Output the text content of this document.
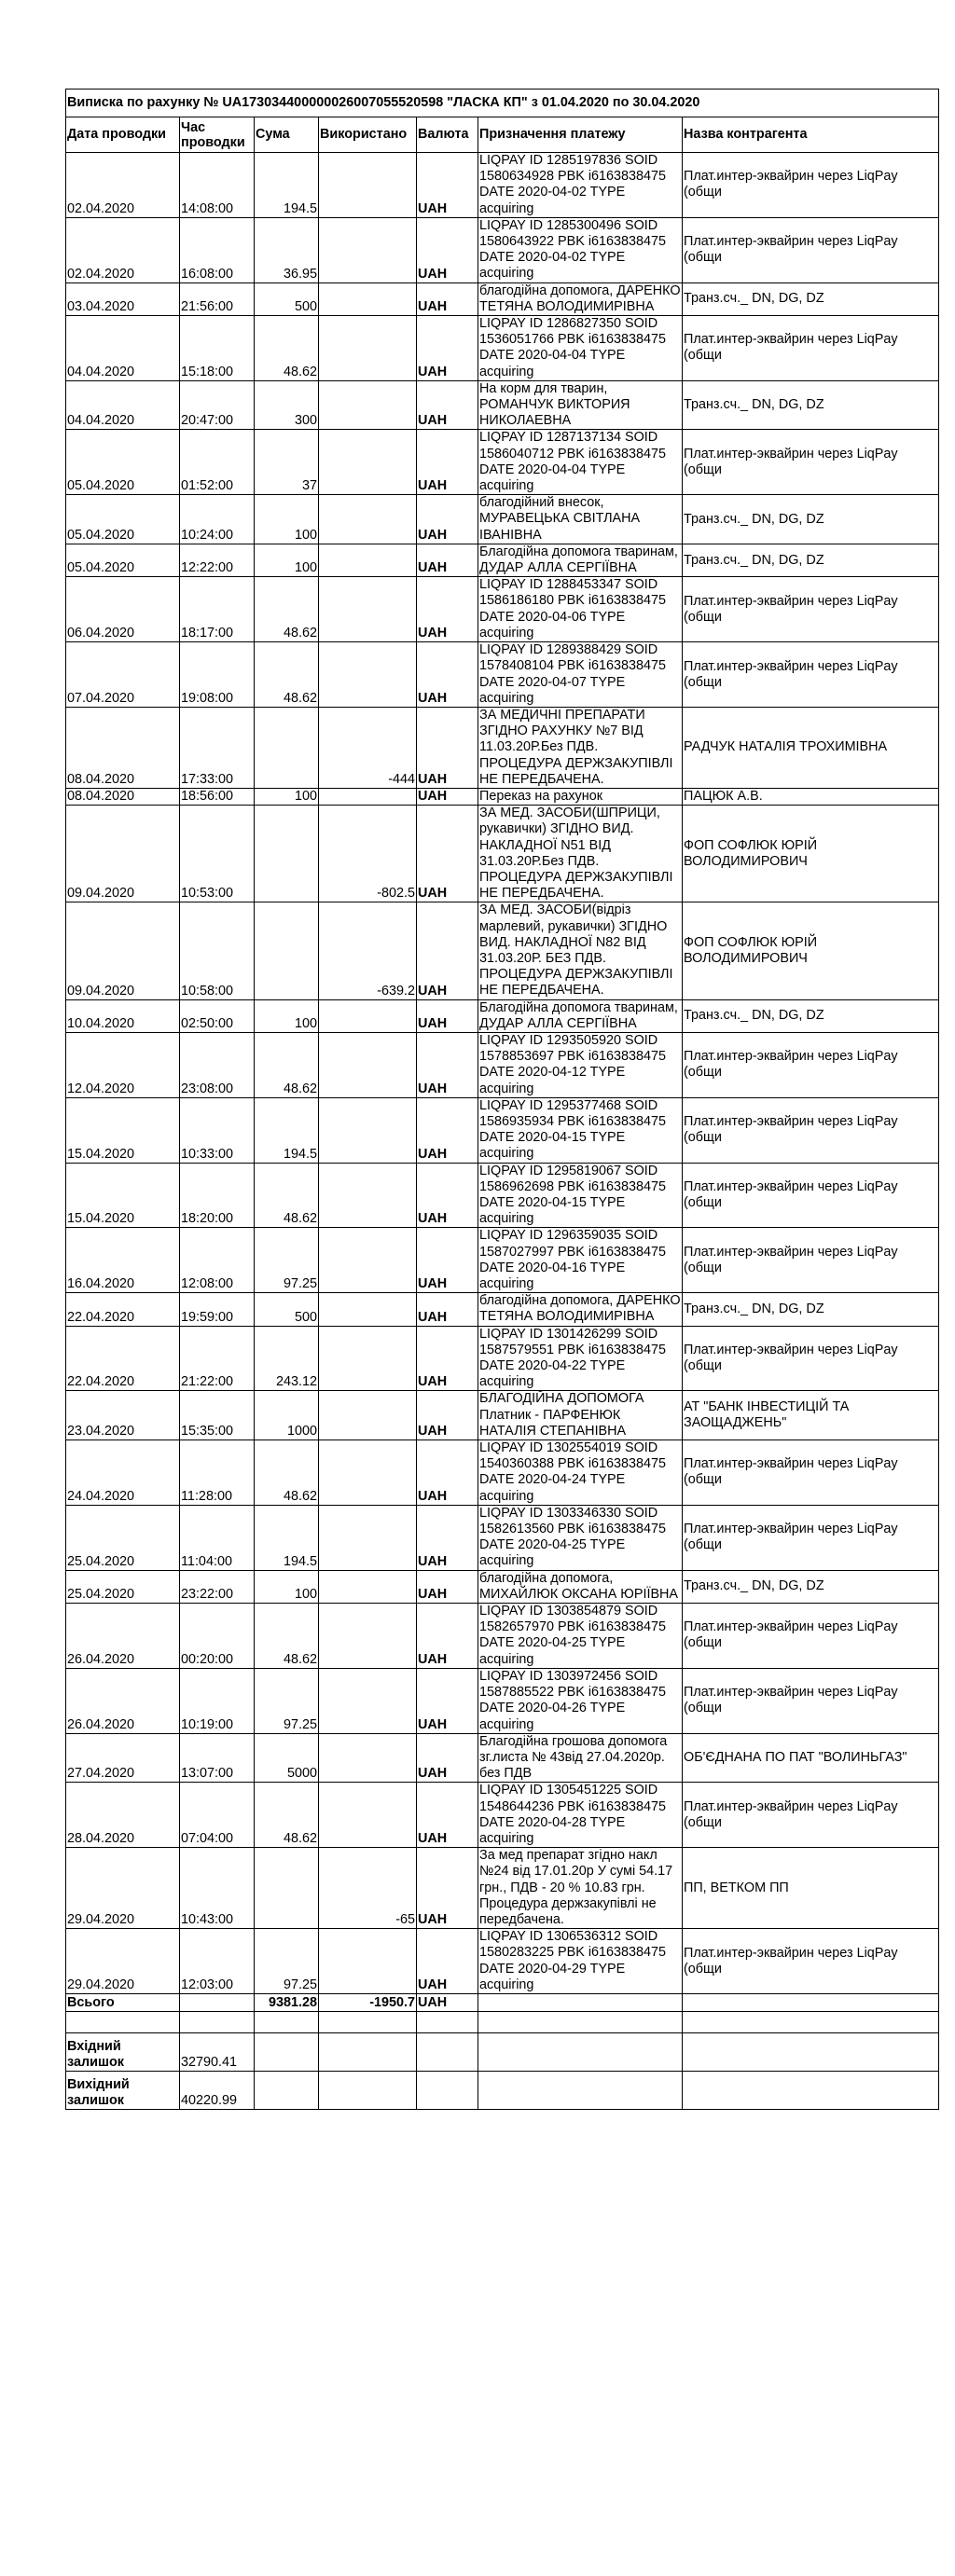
Виписка по рахунку № UA173034400000026007055520598 "ЛАСКА КП" з 01.04.2020 по 30.04.2020						
Дата проводки	Час проводки	Сума	Використано	Валюта	Призначення платежу	Назва контрагента
02.04.2020	14:08:00	194.5		UAH	LIQPAY ID 1285197836 SOID 1580634928 PBK i6163838475 DATE 2020-04-02 TYPE acquiring	Плат.интер-эквайрин через LiqPay (общи
02.04.2020	16:08:00	36.95		UAH	LIQPAY ID 1285300496 SOID 1580643922 PBK i6163838475 DATE 2020-04-02 TYPE acquiring	Плат.интер-эквайрин через LiqPay (общи
03.04.2020	21:56:00	500		UAH	благодійна допомога, ДАРЕНКО ТЕТЯНА ВОЛОДИМИРІВНА	Транз.сч._ DN, DG, DZ
04.04.2020	15:18:00	48.62		UAH	LIQPAY ID 1286827350 SOID 1536051766 PBK i6163838475 DATE 2020-04-04 TYPE acquiring	Плат.интер-эквайрин через LiqPay (общи
04.04.2020	20:47:00	300		UAH	На корм для тварин, РОМАНЧУК ВИКТОРИЯ НИКОЛАЕВНА	Транз.сч._ DN, DG, DZ
05.04.2020	01:52:00	37		UAH	LIQPAY ID 1287137134 SOID 1586040712 PBK i6163838475 DATE 2020-04-04 TYPE acquiring	Плат.интер-эквайрин через LiqPay (общи
05.04.2020	10:24:00	100		UAH	благодійний внесок, МУРАВЕЦЬКА СВІТЛАНА ІВАНІВНА	Транз.сч._ DN, DG, DZ
05.04.2020	12:22:00	100		UAH	Благодійна допомога тваринам, ДУДАР АЛЛА СЕРГІЇВНА	Транз.сч._ DN, DG, DZ
06.04.2020	18:17:00	48.62		UAH	LIQPAY ID 1288453347 SOID 1586186180 PBK i6163838475 DATE 2020-04-06 TYPE acquiring	Плат.интер-эквайрин через LiqPay (общи
07.04.2020	19:08:00	48.62		UAH	LIQPAY ID 1289388429 SOID 1578408104 PBK i6163838475 DATE 2020-04-07 TYPE acquiring	Плат.интер-эквайрин через LiqPay (общи
08.04.2020	17:33:00		-444	UAH	ЗА МЕДИЧНІ ПРЕПАРАТИ ЗГІДНО РАХУНКУ №7 ВІД 11.03.20Р.Без ПДВ. ПРОЦЕДУРА ДЕРЖЗАКУПІВЛІ НЕ ПЕРЕДБАЧЕНА.	РАДЧУК НАТАЛІЯ ТРОХИМІВНА
08.04.2020	18:56:00	100		UAH	Переказ на рахунок	ПАЦЮК А.В.
09.04.2020	10:53:00		-802.5	UAH	ЗА МЕД. ЗАСОБИ(ШПРИЦИ, рукавички) ЗГІДНО ВИД. НАКЛАДНОЇ N51 ВІД 31.03.20Р.Без ПДВ. ПРОЦЕДУРА ДЕРЖЗАКУПІВЛІ НЕ ПЕРЕДБАЧЕНА.	ФОП СОФЛЮК ЮРІЙ ВОЛОДИМИРОВИЧ
09.04.2020	10:58:00		-639.2	UAH	ЗА МЕД. ЗАСОБИ(відріз марлевий, рукавички) ЗГІДНО ВИД. НАКЛАДНОЇ N82 ВІД 31.03.20Р. БЕЗ ПДВ. ПРОЦЕДУРА ДЕРЖЗАКУПІВЛІ НЕ ПЕРЕДБАЧЕНА.	ФОП СОФЛЮК ЮРІЙ ВОЛОДИМИРОВИЧ
10.04.2020	02:50:00	100		UAH	Благодійна допомога тваринам, ДУДАР АЛЛА СЕРГІЇВНА	Транз.сч._ DN, DG, DZ
12.04.2020	23:08:00	48.62		UAH	LIQPAY ID 1293505920 SOID 1578853697 PBK i6163838475 DATE 2020-04-12 TYPE acquiring	Плат.интер-эквайрин через LiqPay (общи
15.04.2020	10:33:00	194.5		UAH	LIQPAY ID 1295377468 SOID 1586935934 PBK i6163838475 DATE 2020-04-15 TYPE acquiring	Плат.интер-эквайрин через LiqPay (общи
15.04.2020	18:20:00	48.62		UAH	LIQPAY ID 1295819067 SOID 1586962698 PBK i6163838475 DATE 2020-04-15 TYPE acquiring	Плат.интер-эквайрин через LiqPay (общи
16.04.2020	12:08:00	97.25		UAH	LIQPAY ID 1296359035 SOID 1587027997 PBK i6163838475 DATE 2020-04-16 TYPE acquiring	Плат.интер-эквайрин через LiqPay (общи
22.04.2020	19:59:00	500		UAH	благодійна допомога, ДАРЕНКО ТЕТЯНА ВОЛОДИМИРІВНА	Транз.сч._ DN, DG, DZ
22.04.2020	21:22:00	243.12		UAH	LIQPAY ID 1301426299 SOID 1587579551 PBK i6163838475 DATE 2020-04-22 TYPE acquiring	Плат.интер-эквайрин через LiqPay (общи
23.04.2020	15:35:00	1000		UAH	БЛАГОДІЙНА ДОПОМОГА Платник - ПАРФЕНЮК НАТАЛІЯ СТЕПАНІВНА	АТ "БАНК ІНВЕСТИЦІЙ ТА ЗАОЩАДЖЕНЬ"
24.04.2020	11:28:00	48.62		UAH	LIQPAY ID 1302554019 SOID 1540360388 PBK i6163838475 DATE 2020-04-24 TYPE acquiring	Плат.интер-эквайрин через LiqPay (общи
25.04.2020	11:04:00	194.5		UAH	LIQPAY ID 1303346330 SOID 1582613560 PBK i6163838475 DATE 2020-04-25 TYPE acquiring	Плат.интер-эквайрин через LiqPay (общи
25.04.2020	23:22:00	100		UAH	благодійна допомога, МИХАЙЛЮК ОКСАНА ЮРІЇВНА	Транз.сч._ DN, DG, DZ
26.04.2020	00:20:00	48.62		UAH	LIQPAY ID 1303854879 SOID 1582657970 PBK i6163838475 DATE 2020-04-25 TYPE acquiring	Плат.интер-эквайрин через LiqPay (общи
26.04.2020	10:19:00	97.25		UAH	LIQPAY ID 1303972456 SOID 1587885522 PBK i6163838475 DATE 2020-04-26 TYPE acquiring	Плат.интер-эквайрин через LiqPay (общи
27.04.2020	13:07:00	5000		UAH	Благодійна грошова допомога зг.листа № 43вiд 27.04.2020р. без ПДВ	ОБ'ЄДНАНА ПО ПАТ "ВОЛИНЬГАЗ"
28.04.2020	07:04:00	48.62		UAH	LIQPAY ID 1305451225 SOID 1548644236 PBK i6163838475 DATE 2020-04-28 TYPE acquiring	Плат.интер-эквайрин через LiqPay (общи
29.04.2020	10:43:00		-65	UAH	За мед препарат згідно накл №24 від 17.01.20р У сумі 54.17 грн., ПДВ - 20 % 10.83 грн. Процедура держзакупівлі не передбачена.	ПП, ВЕТКОМ ПП
29.04.2020	12:03:00	97.25		UAH	LIQPAY ID 1306536312 SOID 1580283225 PBK i6163838475 DATE 2020-04-29 TYPE acquiring	Плат.интер-эквайрин через LiqPay (общи
Всього		9381.28	-1950.7	UAH		

Вхідний залишок	32790.41					
Вихідний залишок	40220.99					
